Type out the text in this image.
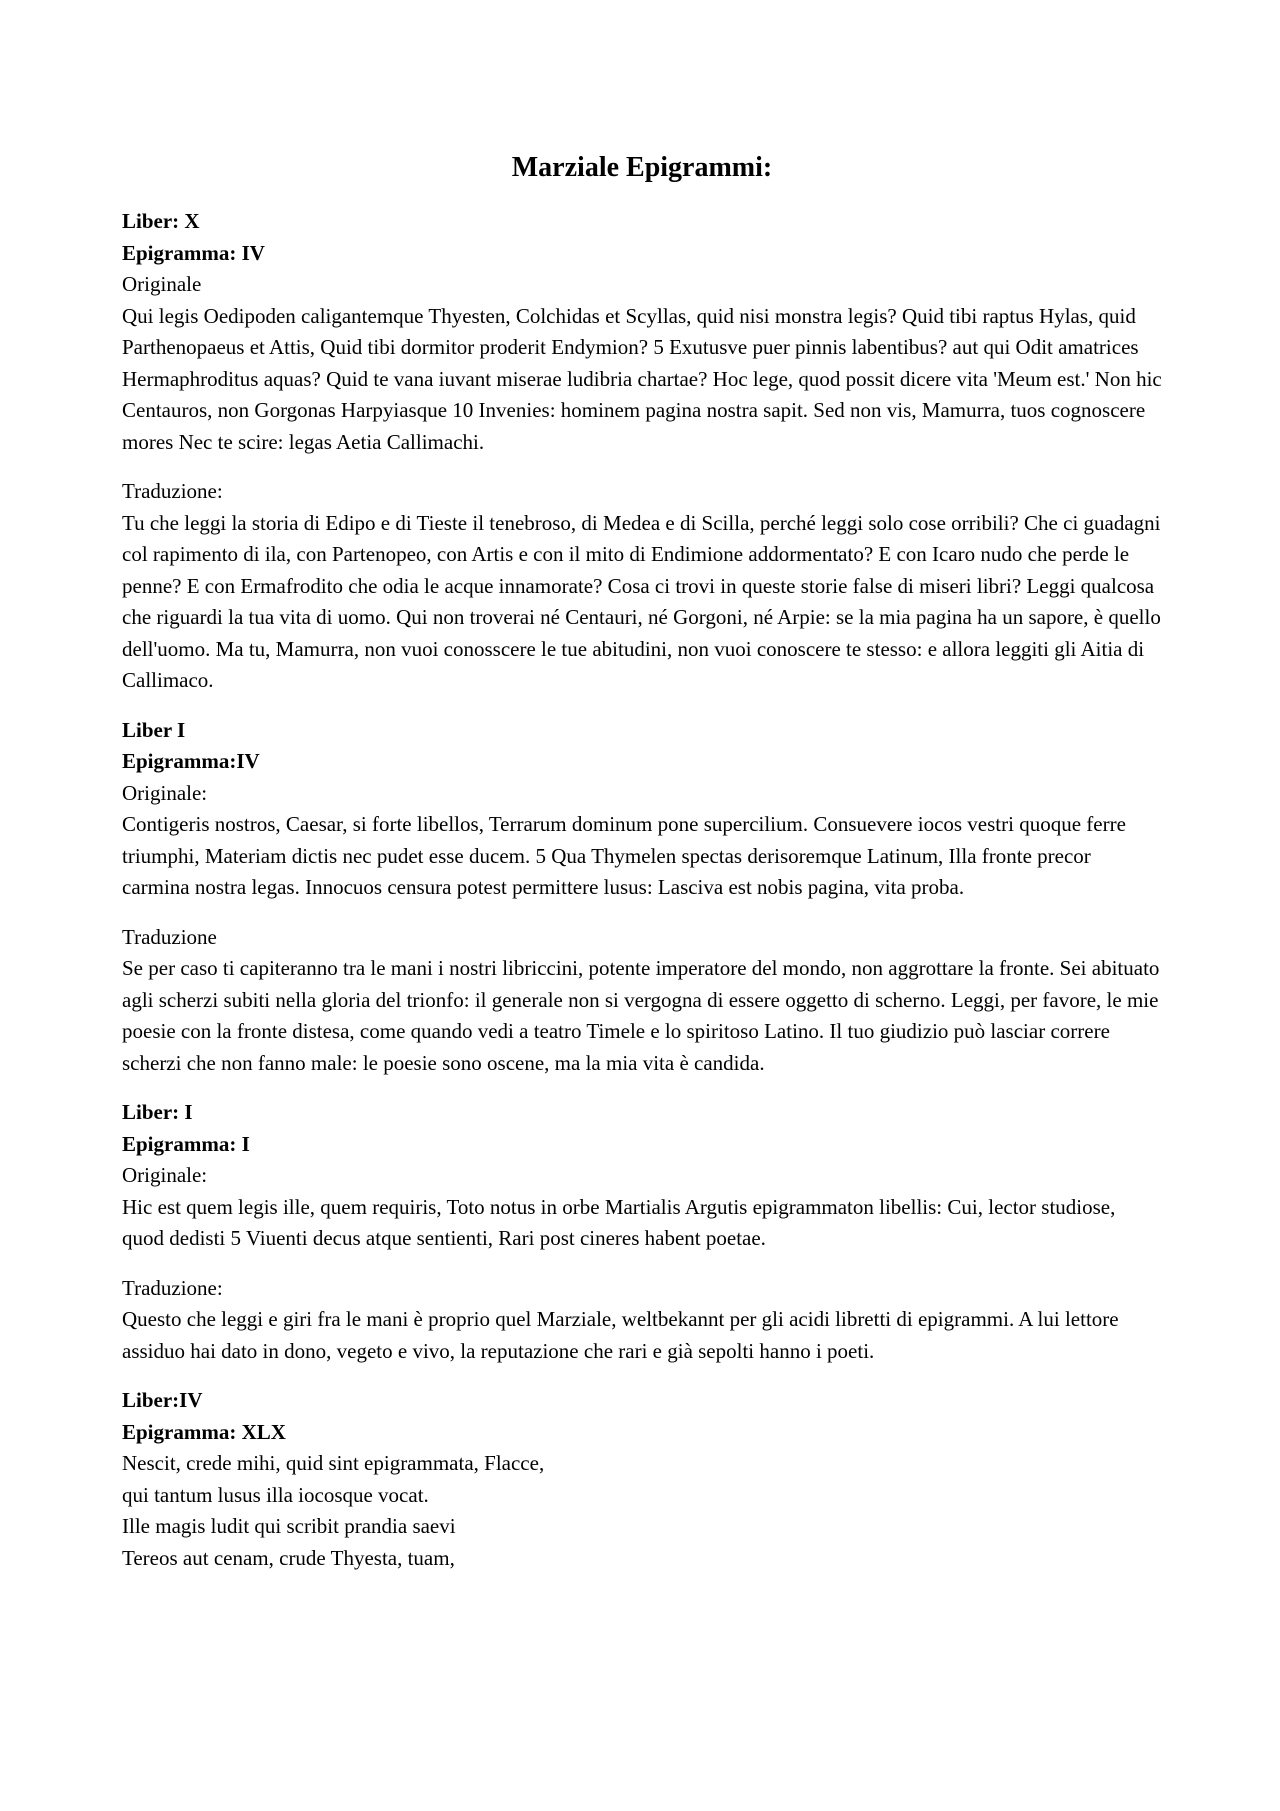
Marziale Epigrammi:
Liber: X
Epigramma: IV
Originale

Qui legis Oedipoden caligantemque Thyesten, Colchidas et Scyllas, quid nisi monstra legis? Quid tibi raptus Hylas, quid Parthenopaeus et Attis, Quid tibi dormitor proderit Endymion? 5 Exutusve puer pinnis labentibus? aut qui Odit amatrices Hermaphroditus aquas? Quid te vana iuvant miserae ludibria chartae? Hoc lege, quod possit dicere vita 'Meum est.' Non hic Centauros, non Gorgonas Harpyiasque 10 Invenies: hominem pagina nostra sapit. Sed non vis, Mamurra, tuos cognoscere mores Nec te scire: legas Aetia Callimachi.

Traduzione:

Tu che leggi la storia di Edipo e di Tieste il tenebroso, di Medea e di Scilla, perché leggi solo cose orribili? Che ci guadagni col rapimento di ila, con Partenopeo, con Artis e con il mito di Endimione addormentato? E con Icaro nudo che perde le penne? E con Ermafrodito che odia le acque innamorate? Cosa ci trovi in queste storie false di miseri libri? Leggi qualcosa che riguardi la tua vita di uomo. Qui non troverai né Centauri, né Gorgoni, né Arpie: se la mia pagina ha un sapore, è quello dell'uomo. Ma tu, Mamurra, non vuoi conosscere le tue abitudini, non vuoi conoscere te stesso: e allora leggiti gli Aitia di Callimaco.

Liber I
Epigramma:IV
Originale:

Contigeris nostros, Caesar, si forte libellos, Terrarum dominum pone supercilium. Consuevere iocos vestri quoque ferre triumphi, Materiam dictis nec pudet esse ducem. 5 Qua Thymelen spectas derisoremque Latinum, Illa fronte precor carmina nostra legas. Innocuos censura potest permittere lusus: Lasciva est nobis pagina, vita proba.

Traduzione

Se per caso ti capiteranno tra le mani i nostri libriccini, potente imperatore del mondo, non aggrottare la fronte. Sei abituato agli scherzi subiti nella gloria del trionfo: il generale non si vergogna di essere oggetto di scherno. Leggi, per favore, le mie poesie con la fronte distesa, come quando vedi a teatro Timele e lo spiritoso Latino. Il tuo giudizio può lasciar correre scherzi che non fanno male: le poesie sono oscene, ma la mia vita è candida.

Liber: I
Epigramma: I
Originale:

Hic est quem legis ille, quem requiris, Toto notus in orbe Martialis Argutis epigrammaton libellis: Cui, lector studiose, quod dedisti 5 Viuenti decus atque sentienti, Rari post cineres habent poetae.

Traduzione:

Questo che leggi e giri fra le mani è proprio quel Marziale, weltbekannt per gli acidi libretti di epigrammi. A lui lettore assiduo hai dato in dono, vegeto e vivo, la reputazione che rari e già sepolti hanno i poeti.

Liber:IV
Epigramma: XLX
Nescit, crede mihi, quid sint epigrammata, Flacce,
qui tantum lusus illa iocosque vocat.
Ille magis ludit qui scribit prandia saevi
Tereos aut cenam, crude Thyesta, tuam,
